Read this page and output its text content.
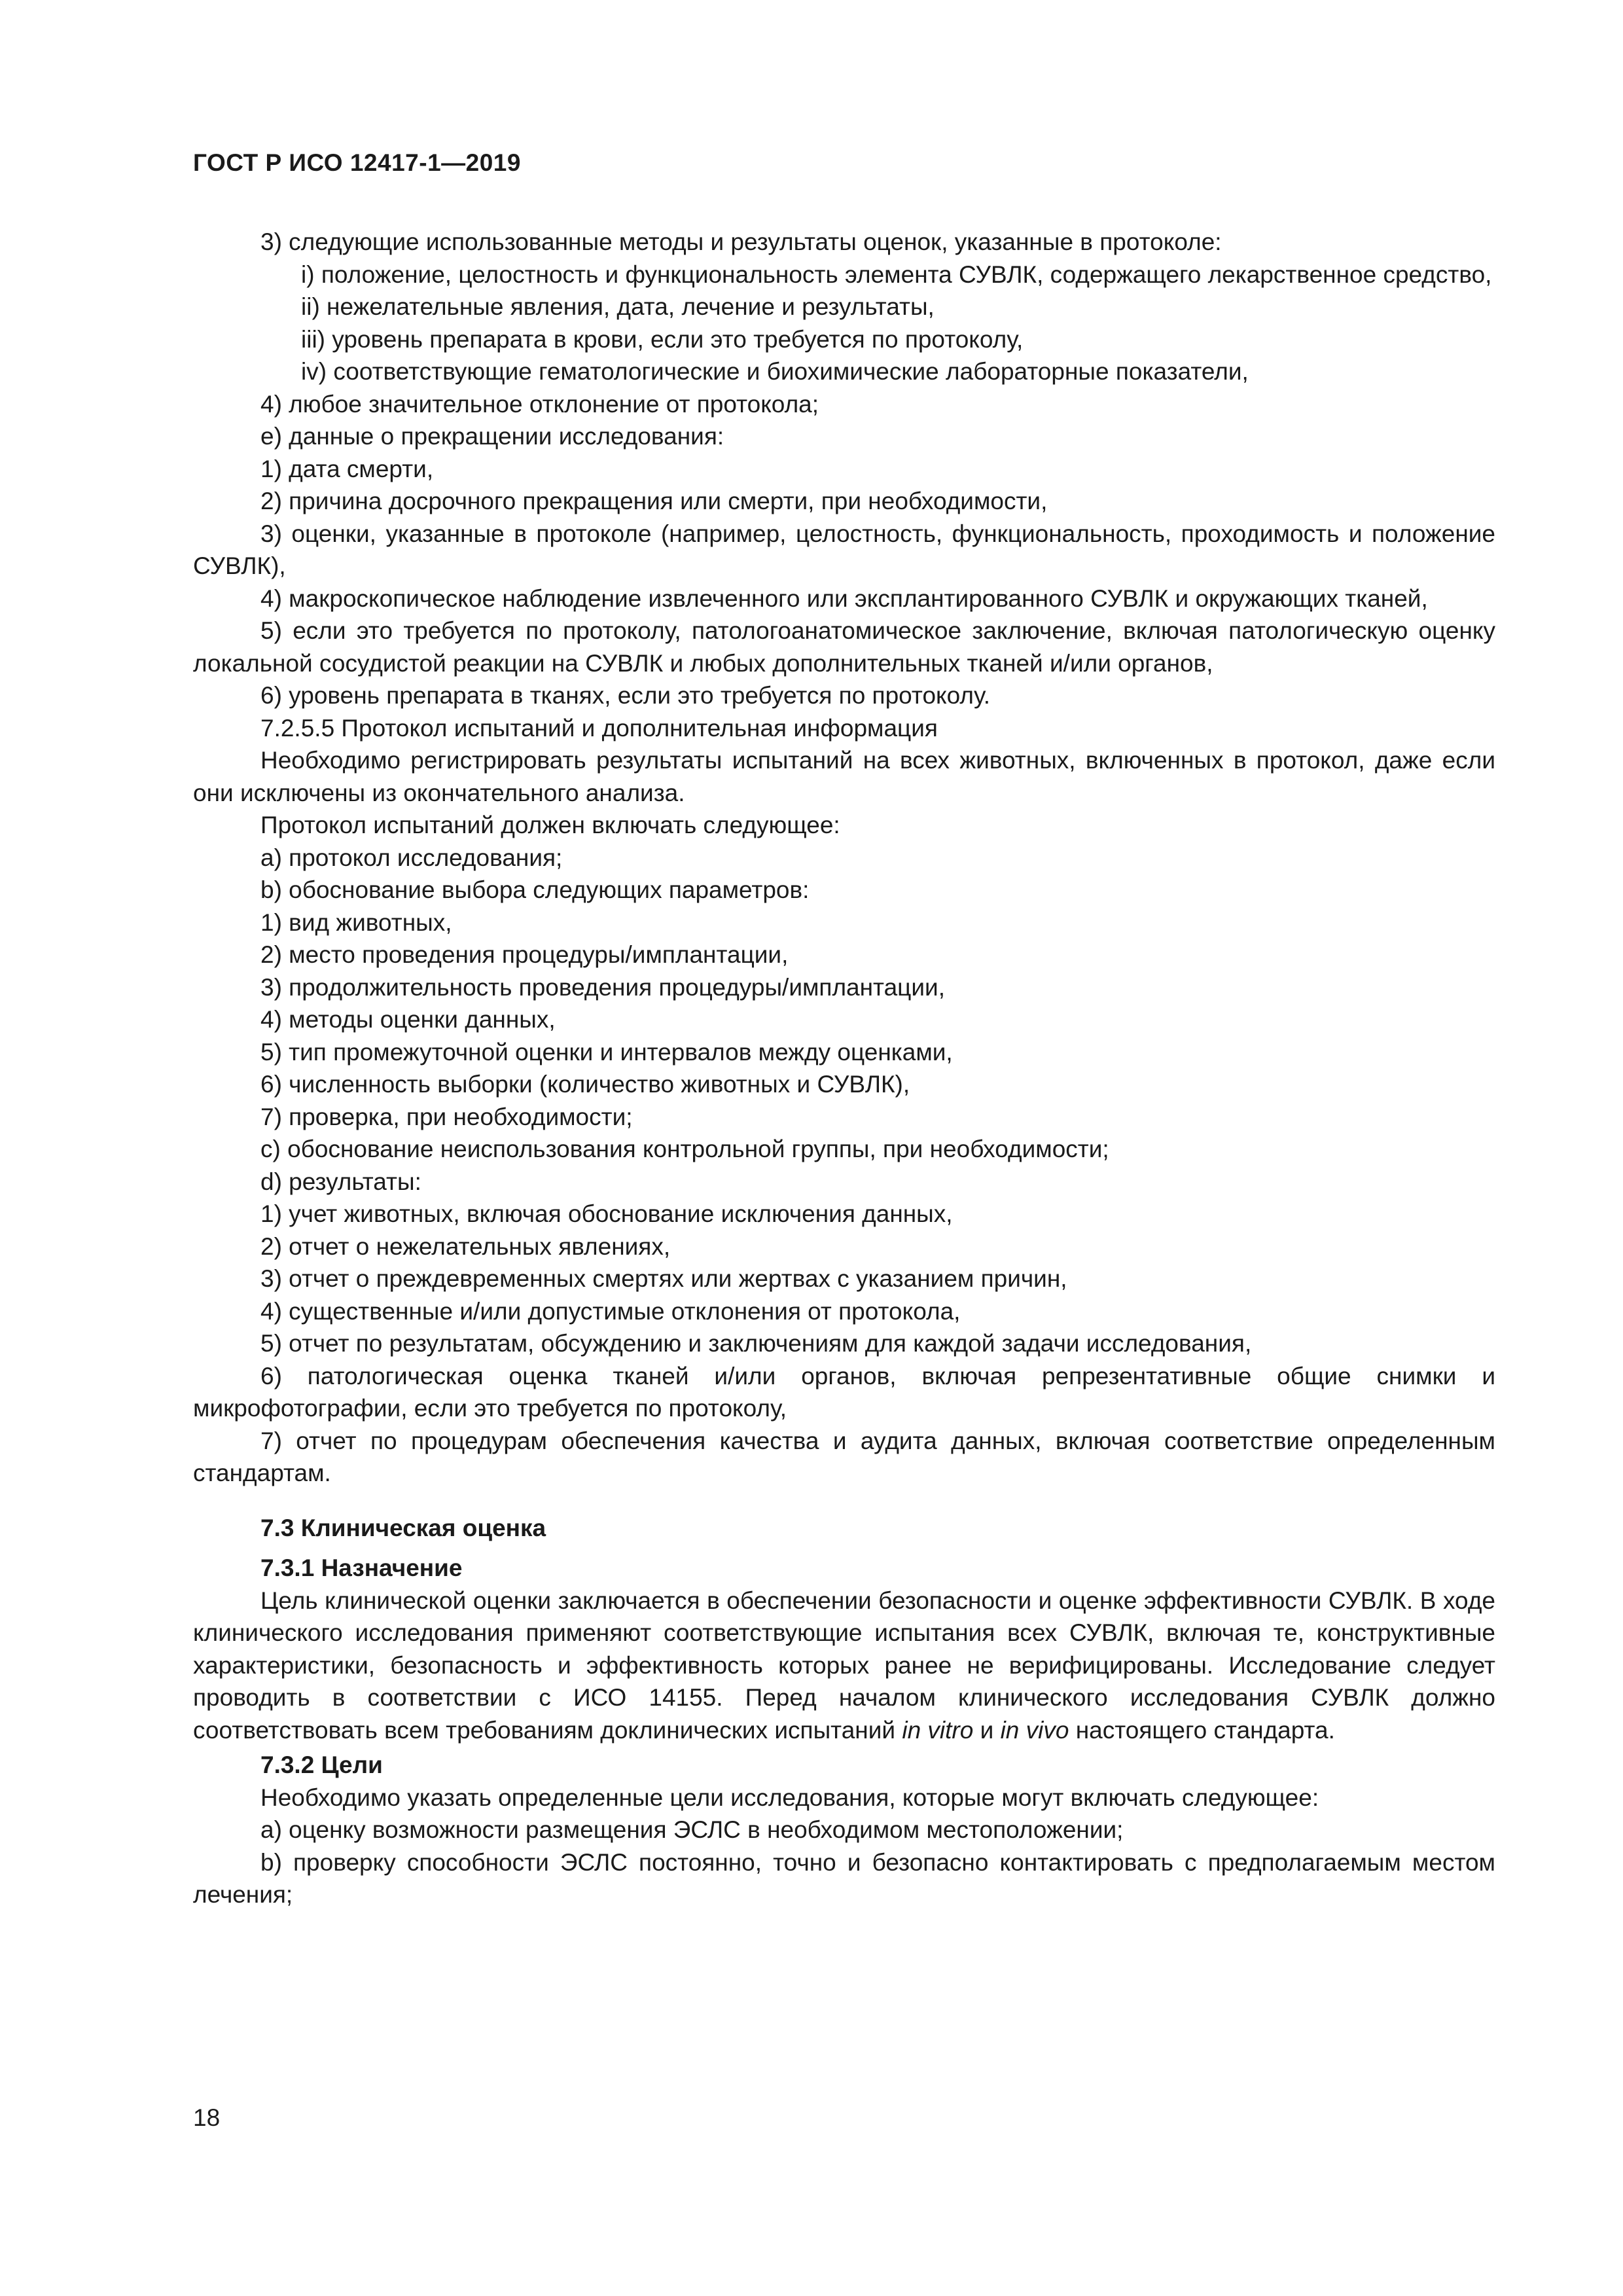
ГОСТ Р ИСО 12417-1—2019

3) следующие использованные методы и результаты оценок, указанные в протоколе:

i) положение, целостность и функциональность элемента СУВЛК, содержащего лекарственное средство,

ii) нежелательные явления, дата, лечение и результаты,

iii) уровень препарата в крови, если это требуется по протоколу,

iv) соответствующие гематологические и биохимические лабораторные показатели,

4) любое значительное отклонение от протокола;

е) данные о прекращении исследования:

1) дата смерти,

2) причина досрочного прекращения или смерти, при необходимости,

3) оценки, указанные в протоколе (например, целостность, функциональность, проходимость и положение СУВЛК),

4) макроскопическое наблюдение извлеченного или эксплантированного СУВЛК и окружающих тканей,

5) если это требуется по протоколу, патологоанатомическое заключение, включая патологическую оценку локальной сосудистой реакции на СУВЛК и любых дополнительных тканей и/или органов,

6) уровень препарата в тканях, если это требуется по протоколу.

7.2.5.5 Протокол испытаний и дополнительная информация

Необходимо регистрировать результаты испытаний на всех животных, включенных в протокол, даже если они исключены из окончательного анализа.

Протокол испытаний должен включать следующее:

a) протокол исследования;

b) обоснование выбора следующих параметров:

1) вид животных,

2) место проведения процедуры/имплантации,

3) продолжительность проведения процедуры/имплантации,

4) методы оценки данных,

5) тип промежуточной оценки и интервалов между оценками,

6) численность выборки (количество животных и СУВЛК),

7) проверка, при необходимости;

c) обоснование неиспользования контрольной группы, при необходимости;

d) результаты:

1) учет животных, включая обоснование исключения данных,

2) отчет о нежелательных явлениях,

3) отчет о преждевременных смертях или жертвах с указанием причин,

4) существенные и/или допустимые отклонения от протокола,

5) отчет по результатам, обсуждению и заключениям для каждой задачи исследования,

6) патологическая оценка тканей и/или органов, включая репрезентативные общие снимки и микрофотографии, если это требуется по протоколу,

7) отчет по процедурам обеспечения качества и аудита данных, включая соответствие определенным стандартам.

7.3 Клиническая оценка

7.3.1 Назначение

Цель клинической оценки заключается в обеспечении безопасности и оценке эффективности СУВЛК. В ходе клинического исследования применяют соответствующие испытания всех СУВЛК, включая те, конструктивные характеристики, безопасность и эффективность которых ранее не верифицированы. Исследование следует проводить в соответствии с ИСО 14155. Перед началом клинического исследования СУВЛК должно соответствовать всем требованиям доклинических испытаний in vitro и in vivo настоящего стандарта.

7.3.2 Цели

Необходимо указать определенные цели исследования, которые могут включать следующее:

a) оценку возможности размещения ЭСЛС в необходимом местоположении;

b) проверку способности ЭСЛС постоянно, точно и безопасно контактировать с предполагаемым местом лечения;

18
